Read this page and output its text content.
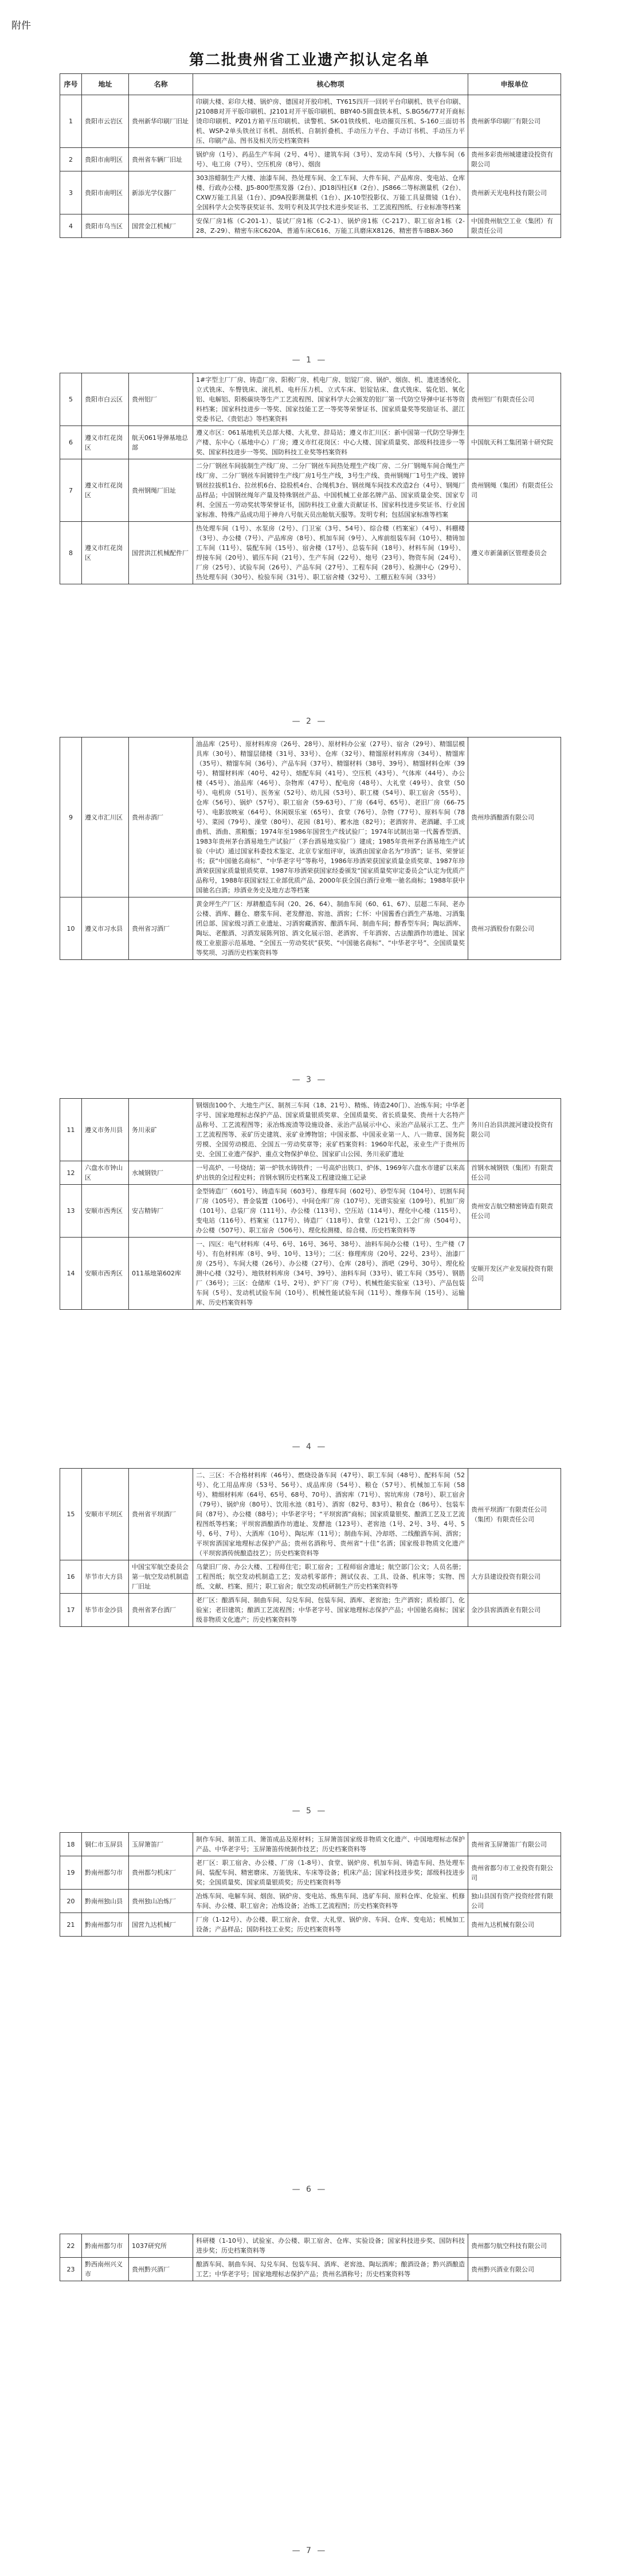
附件
第二批贵州省工业遗产拟认定名单
序号	地址	名称	核心物项	申报单位
1	贵阳市云岩区	贵州新华印刷厂旧址	印刷大楼、彩印大楼、锅炉房、德国对开胶印机、TY615四开一回转平台印刷机、铁平台印刷、J2108B对开平版印刷机、J2101对开平版印刷机、BBY40-5圆盘铁本机、S.BG56/77对开商标烫印印刷机、PZ01方箱平压印刷机、读警机、SK-01铁线机、电动圈页压机、S-160三面切书机、WSP-2单头铁丝订书机、刮纸机、自制折叠机、手动压力平台、手动订书机、手动压力平压、印刷产品、图书及相关历史档案资料	贵州新华印刷厂有限公司
2	贵阳市南明区	贵州省车辆厂旧址	锅炉房（1号）、药品生产车间（2号、4号）、建筑车间（3号）、发动车间（5号）、大修车间（6号）、电工房（7号）、空压机房（8号）、烟囱	贵州多彩贵州城建建设投资有限公司
3	贵阳市南明区	新添光学仪器厂	303溶蜡制生产大楼、油漆车间、热处理车间、金工车间、大件车间、产品库房、变电站、仓库楼、行政办公楼、JJ5-800型蒸发器（2台）、JD18四柱区Ⅱ（2台）、JS866二等标测量机（2台）、CXW万能工具显（1台）、JD9A投影测量机（1台）、JX-10型投影仪、万能工具显微镜（1台）、全国科学大会奖等获奖证书、发明专利及其学技术进步奖证书、工艺流程图纸、行业标准等档案	贵州新天光电科技有限公司
4	贵阳市乌当区	国营金江机械厂	安保厂房1栋（C-201-1）、装试厂房1栋（C-2-1）、锅炉房1栋（C-217）、职工宿舍1栋（2-28、Z-29）、精密车床C620A、普通车床C616、万能工具磨床X8126、精密普车IBBX-360	中国贵州航空工业（集团）有限责任公司
— 1 —
5	贵阳市白云区	贵州铝厂	1#字型主厂厂房、铸造厂房、阳极厂房、机电厂房、铝锭厂房、锅炉、烟囱、机、遗迹透侯化、立式铣床、车臀铣床、滚扎机、电杆压力机、立式车床、铝锭钻床、盘式铣床、装化铝、氧化铝、电解铝、阳极碳块等生产工艺流程图、国家科学大会颁发的铝厂第一代防空导弹中证书等资料档案；国家科技进步一等奖、国家技能工艺一等奖等荣誉证书、国家质量奖等奖励证书、湛江党委书记、《贵铝志》等档案资料	贵州铝厂有限责任公司
6	遵义市红花岗区	航天061导弹基地总部	遵义市区：061基地机关总部大楼、大礼堂、辞局站；遵义市汇川区：新中国第一代防空导弹生产楼、东中心（基地中心）厂房；遵义市红花岗区：中心大楼、国家质量奖、部级科技进步一等奖、国家科技进步一等奖、国防科技工业奖等档案资料	中国航天科工集团第十研究院
7	遵义市红花岗区	贵州钢绳厂旧址	二分厂钢丝车间拔制生产线厂房、二分厂钢丝车间热处理生产线厂房、二分厂钢绳车间合绳生产线厂房、二分厂钢丝车间镀锌生产线厂房1号生产线，3号生产线、贵州钢绳厂1号生产线、镀锌钢丝拉拔机1台、拉丝机6台、捻股机4台、合绳机3台、钢丝绳车间技术改造2台（4号）、钢绳厂品样品；中国钢丝绳年产量及特殊钢丝产品、中国机械工业部名牌产品、国家质量金奖、国家专利、全国五一劳动奖状等荣誉证书，国防科技工业重大贡献证书、国家科技进步奖证书、行业国家标准、特殊产品成功用于神舟八号航天员出舱航天服等。发明专利；包括国家标准等档案	贵州钢绳（集团）有限责任公司
8	遵义市红花岗区	国营洪江机械配件厂	热处理车间（1号）、水泵房（2号）、门卫室（3号、54号）、综合楼（档案室）（4号）、料棚楼（3号）、办公楼（7号）、产品库房（8号）、机加车间（9号）、入库前组装车间（10号）、精铸加工车间（11号）、装配车间（15号）、宿舍楼（17号）、总装车间（18号）、材料车间（19号）、焊接车间（20号）、锻压车间（21号）、生产车间（22号）、炮号（23号）、物资车间（24号）、厂房（25号）、试验车间（26号）、产品车间（27号）、工程车间（28号）、检测中心（29号）、热处理车间（30号）、检验车间（31号）、职工宿舍楼（32号）、工棚五粒车间（33号）	遵义市新蒲新区管理委员会
— 2 —
9	遵义市汇川区	贵州赤酒厂	油品库（25号）、原材料库房（26号、28号）、原材料办公室（27号）、宿舍（29号）、精馏层模具库（30号）、精馏层储楼（31号、33号）、仓库（32号）、精馏原材料库房（34号）、精馏库（35号）、精馏车间（36号）、产品车间（37号）、精馏材料（38号、39号）、精馏材料仓库（39号）、精馏材料库（40号、42号）、熔配车间（41号）、空压机（43号）、气体库（44号）、办公楼（45号）、油品库（46号）、杂物库（47号）、配电房（48号）、大礼堂（49号）、食堂（50号）、电机房（51号）、医务室（52号）、幼儿园（53号）、职工楼（54号）、职工宿舍（55号）、仓库（56号）、锅炉（57号）、职工宿舍（59-63号）、厂房（64号、65号）、老旧厂房（66-75号）、电影放映室（64号）、休闲娱乐室（65号）、食堂（76号）、杂物（77号）、原料车间（78号）、菜园（79号）、澡堂（80号）、花园（81号）、蓄水池（82号）；老酒窖井、老酒罐、手工成曲机、酒曲、蒸粮甑；1974年至1986年国营生产线试验厂；1974年试制出第一代酱香型酒、1983年贵州茅台酒易地生产试验厂（茅台酒易地实验厂）建成；1985年贵州茅台酒易地生产试验（中试）通过国家科委技术鉴定、北京专家组评审，该酒由国家命名为“珍酒”；证书、荣誉证书；获“中国驰名商标”、“中华老字号”等称号，1986年珍酒荣获国家质量金质奖章、1987年珍酒荣获国家质量银质奖章、1987年珍酒荣获国家经委颁发“国家质量奖审定委员会”认定为优质产品称号，1988年获国家轻工业部优质产品、2000年获全国白酒行业唯一驰名商标；1988年获中国驰名白酒；珍酒业务史及地方志等档案	贵州珍酒酿酒有限公司
10	遵义市习水县	贵州省习酒厂	黄金坪生产厂区：厚耕酿造车间（20、26、64）、制曲车间（60、61、67）、层超二车间、老办公楼、酒库、翻仓、磨浆车间、老发酵池、窖池、酒窖；仁怀：中国酱香白酒生产基地、习酒集团总部、国家级习酒工业遗址、习酒窖藏酒窖、酿酒车间、制曲车间；醇香型车间；陶坛酒库、陶坛、老酿酒、习酒发展陈列馆、酒文化展示馆、老酒窖、千年酒窖、古法酿酒作坊遗址、国家级工业旅游示范基地、“全国五一劳动奖状”获奖、“中国驰名商标”、“中华老字号”、全国质量奖等奖项、习酒历史档案资料等	贵州习酒股份有限公司
— 3 —
11	遵义市务川县	务川汞矿	钢烟囱100个、大地生产区、制剂三车间（18、21号）、精炼、铸造240门）、冶炼车间；中华老字号、国家地理标志保护产品、国家质量银质奖章、全国质量奖、省长质量奖、贵州十大名特产品称号、工艺流程图等；汞冶炼废渣等设施设备、汞治产品展示中心、汞治产品展示工艺、生产工艺流程图等、汞矿历史建筑、汞矿业博物馆；中国汞都、中国汞业第一人、八一勋章、国务院劳模、全国劳动模范、全国五一劳动奖章等；汞矿档案资料：1960年代起，汞业生产于贵州历史、全国工业遗产保护、重点文物保护单位、国家矿山公园、务川汞矿遗址	务川自治县洪渡河建设投资有限公司
12	六盘水市钟山区	水城钢铁厂	一号高炉、一号烧结；第一炉铁水铸铁件；一号高炉出铁口、炉体、1969年六盘水市建矿以来高炉出铁的全过程史料；首钢水钢历史档案及工程建设施工记录	首钢水城钢铁（集团）有限责任公司
13	安顺市西秀区	安吉精铸厂	金型铸造厂（601号）、铸造车间（603号）、修理车间（602号）、砂型车间（104号）、切割车间厂房（105号）、普金装置（106号）、中间仓库厂房（107号）、光谱实验室（109号）、机加厂房（101号）、总装厂房（111号）、办公楼（113号）、空压站（114号）、理化中心楼（115号）、变电站（116号）、档案室（117号）、铸造厂（118号）、食堂（121号）、工会厂房（504号）、办公楼（507号）、职工宿舍（506号）、理化检测楼、综合楼、历史档案资料等	贵州安吉航空精密铸造有限责任公司
14	安顺市西秀区	011基地第602库	一、四区：电气材料库（4号、6号、16号、36号、38号）、油料车间办公楼（1号）、生产楼（7号）、有色材料库（8号、9号、10号、13号）；二区：修理库房（20号、22号、23号）、油漆厂房（25号）、车间大楼（26号）、办公楼（27号）、仓库（28号）、酒吧（29号、30号）、理化检测中心楼（32号）、地铁材料库房（34号、39号）、油料车间（33号）、锻工车间（35号）、钢筋厂（36号）；三区：仓储库（1号、2号）、炉下厂房（7号）、机械性能实验室（13号）、产品包装车间（5号）、发动机试验车间（10号）、机械性能试验车间（11号）、维修车间（15号）、运输库、历史档案资料等	安顺开发区产业发展投资有限公司
— 4 —
15	安顺市平坝区	贵州省平坝酒厂	二、三区：不合格材料库（46号）、燃烧设备车间（47号）、职工车间（48号）、配料车间（52号）、化工用品库房（53号、56号）、成品库房（54号）、粮仓（57号）、机械加工车间（58号）、精细材料库（64号、65号、68号、70号）、酒窖库（71号）、窖坑库房（78号）、职工宿舍（79号）、锅炉房（80号）、饮用水池（81号）、酒窖（82号、83号）、粮食仓（86号）、包装车间（87号）、办公楼（88号）；中华老字号；“平坝窖酒”商标；国家质量银奖、酿酒工艺及工艺流程图纸等档案；平坝窖酒酿酒作坊遗址、发酵池（123号）、老窖池（1号、2号、3号、4号、5号、6号、7号）、大酒库（10号）、陶坛库（11号）；制曲车间、冷却塔、二线酿酒车间、酒窖；平坝窖酒国家地理标志保护产品；贵州名酒称号、贵州省“十佳”名酒；国家级非物质文化遗产（平坝窖酒传统酿造技艺）；历史档案资料等	贵州平坝酒厂有限责任公司（集团）有限责任公司
16	毕节市大方县	中国宝军航空委员会第一航空发动机制造厂旧址	乌蒙旧厂房、办公大楼、工程师住宅；职工宿舍；工程师宿舍遗址；航空部门公文；人员名册；工程图纸；航空发动机制造工艺；发动机零部件；测试仪表、工具、设备、机床等；实物、图纸、文献、档案、照片；职工宿舍；航空发动机研制生产历史档案资料等	大方县建设投资有限公司
17	毕节市金沙县	贵州省茅台酒厂	老厂区：酿酒车间、制曲车间、勾兑车间、包装车间、酒库、老窖池；生产酒窖；质检部门、化验室；老旧建筑；酿酒工艺流程图；中华老字号、国家地理标志保护产品；中国驰名商标；国家级非物质文化遗产；历史档案资料等	金沙县窖酒酒业有限公司
— 5 —
18	铜仁市玉屏县	玉屏箫笛厂	制作车间、制笛工具、箫笛成品及原材料；玉屏箫笛国家级非物质文化遗产、中国地理标志保护产品、中华老字号；玉屏箫笛传统制作技艺；历史档案资料等	贵州省玉屏箫笛厂有限公司
19	黔南州都匀市	贵州都匀机床厂	老厂区：职工宿舍、办公楼、厂房（1-8号）、食堂、锅炉房、机加车间、铸造车间、热处理车间、装配车间、精密磨床、万能铣床、车床等设备；机床产品；国家科技进步奖；部级科技进步奖；全国质量奖、国家质量银质奖；历史档案资料等	贵州省都匀市工业投资有限公司
20	黔南州独山县	贵州独山冶炼厂	冶炼车间、电解车间、烟囱、锅炉房、变电站、炼焦车间、选矿车间、原料仓库、化验室、机修车间、办公楼、职工宿舍；冶炼设备；冶炼工艺流程图；历史档案资料等	独山县国有资产投资经营有限公司
21	黔南州都匀市	国营九达机械厂	厂房（1-12号）、办公楼、职工宿舍、食堂、大礼堂、锅炉房、车间、仓库、变电站；机械加工设备；产品样品；国防科技工业奖；历史档案资料等	贵州九达机械有限公司
— 6 —
22	黔南州都匀市	1037研究所	科研楼（1-10号）、试验室、办公楼、职工宿舍、仓库、实验设备；国家科技进步奖、国防科技进步奖；历史档案资料等	贵州都匀航空科技有限公司
23	黔西南州兴义市	贵州黔兴酒厂	酿酒车间、制曲车间、勾兑车间、包装车间、酒库、老窖池、陶坛酒库；酿酒设备；黔兴酒酿造工艺；中华老字号；国家地理标志保护产品；贵州名酒称号；历史档案资料等	贵州黔兴酒业有限公司
— 7 —
